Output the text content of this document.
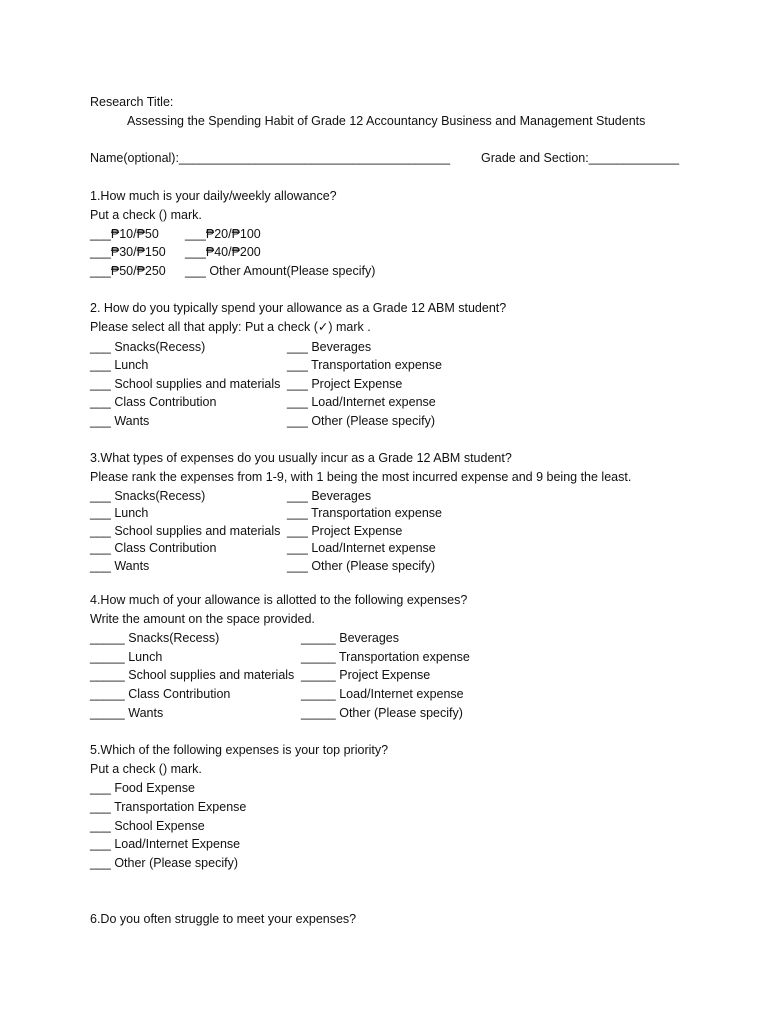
Research Title:
Assessing the Spending Habit of Grade 12 Accountancy Business and Management Students
Name(optional):_______________________________________ Grade and Section:_____________
1.How much is your daily/weekly allowance?
Put a check () mark.
___₱10/₱50 ___₱20/₱100
___₱30/₱150 ___₱40/₱200
___₱50/₱250 ___ Other Amount(Please specify)
2. How do you typically spend your allowance as a Grade 12 ABM student?
Please select all that apply: Put a check (✓) mark .
___ Snacks(Recess)	___ Beverages
___ Lunch	___ Transportation expense
___ School supplies and materials ___ Project Expense
___ Class Contribution	___ Load/Internet expense
___ Wants	___ Other (Please specify)
3.What types of expenses do you usually incur as a Grade 12 ABM student?
Please rank the expenses from 1-9, with 1 being the most incurred expense and 9 being the least.
___ Snacks(Recess)	___ Beverages
___ Lunch	___ Transportation expense
___ School supplies and materials ___ Project Expense
___ Class Contribution	___ Load/Internet expense
___ Wants	___ Other (Please specify)
4.How much of your allowance is allotted to the following expenses?
Write the amount on the space provided.
_____ Snacks(Recess)	_____ Beverages
_____ Lunch	_____ Transportation expense
_____ School supplies and materials _____ Project Expense
_____ Class Contribution	_____ Load/Internet expense
_____ Wants	_____ Other (Please specify)
5.Which of the following expenses is your top priority?
Put a check () mark.
___ Food Expense
___ Transportation Expense
___ School Expense
___ Load/Internet Expense
___ Other (Please specify)
6.Do you often struggle to meet your expenses?
